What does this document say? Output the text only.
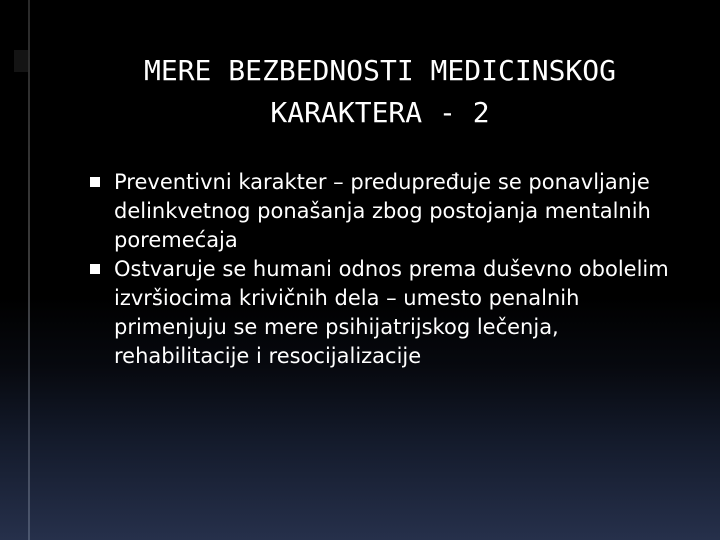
MERE BEZBEDNOSTI MEDICINSKOG
KARAKTERA - 2
Preventivni karakter – predupređuje se ponavljanje delinkvetnog ponašanja zbog postojanja mentalnih poremećaja
Ostvaruje se humani odnos prema duševno obolelim izvršiocima krivičnih dela – umesto penalnih primenjuju se mere psihijatrijskog lečenja, rehabilitacije i resocijalizacije
